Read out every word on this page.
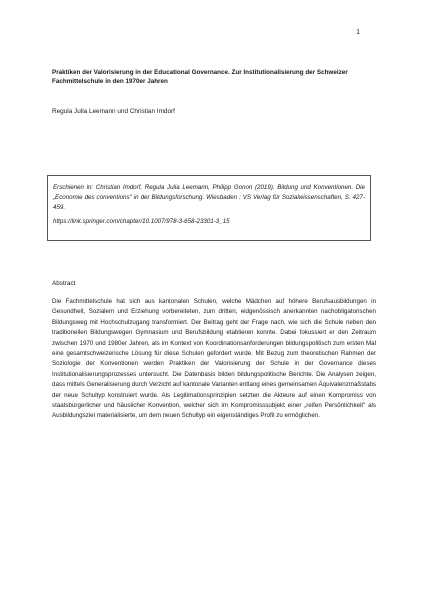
1
Praktiken der Valorisierung in der Educational Governance. Zur Institutionalisierung der Schweizer Fachmittelschule in den 1970er Jahren
Regula Julia Leemann und Christian Imdorf

Erschienen in: Christian Imdorf, Regula Julia Leemann, Philipp Gonon (2019). Bildung und Konventionen. Die „Economie des conventions" in der Bildungsforschung. Wiesbaden : VS Verlag für Sozialwissenschaften, S. 427-459.

https://link.springer.com/chapter/10.1007/978-3-658-23301-3_15

Abstract

Die Fachmittelschule hat sich aus kantonalen Schulen, welche Mädchen auf höhere Berufsausbildungen in Gesundheit, Sozialem und Erziehung vorbereiteten, zum dritten, eidgenössisch anerkannten nachobligatorischen Bildungsweg mit Hochschulzugang transformiert. Der Beitrag geht der Frage nach, wie sich die Schule neben den traditionellen Bildungswegen Gymnasium und Berufsbildung etablieren konnte. Dabei fokussiert er den Zeitraum zwischen 1970 und 1980er Jahren, als im Kontext von Koordinationsanforderungen bildungspolitisch zum ersten Mal eine gesamtschweizerische Lösung für diese Schulen gefordert wurde. Mit Bezug zum theoretischen Rahmen der Soziologie der Konventionen werden Praktiken der Valorisierung der Schule in der Governance dieses Institutionalisierungsprozesses untersucht. Die Datenbasis bilden bildungspolitische Berichte. Die Analysen zeigen, dass mittels Generalisierung durch Verzicht auf kantonale Varianten entlang eines gemeinsamen Äquivalenzmaßstabs der neue Schultyp konstruiert wurde. Als Legitimationsprinzipien setzten die Akteure auf einen Kompromiss von staatsbürgerlicher und häuslicher Konvention, welcher sich im Kompromisssubjekt einer „reifen Persönlichkeit" als Ausbildungsziel materialisierte, um dem neuen Schultyp ein eigenständiges Profil zu ermöglichen.
